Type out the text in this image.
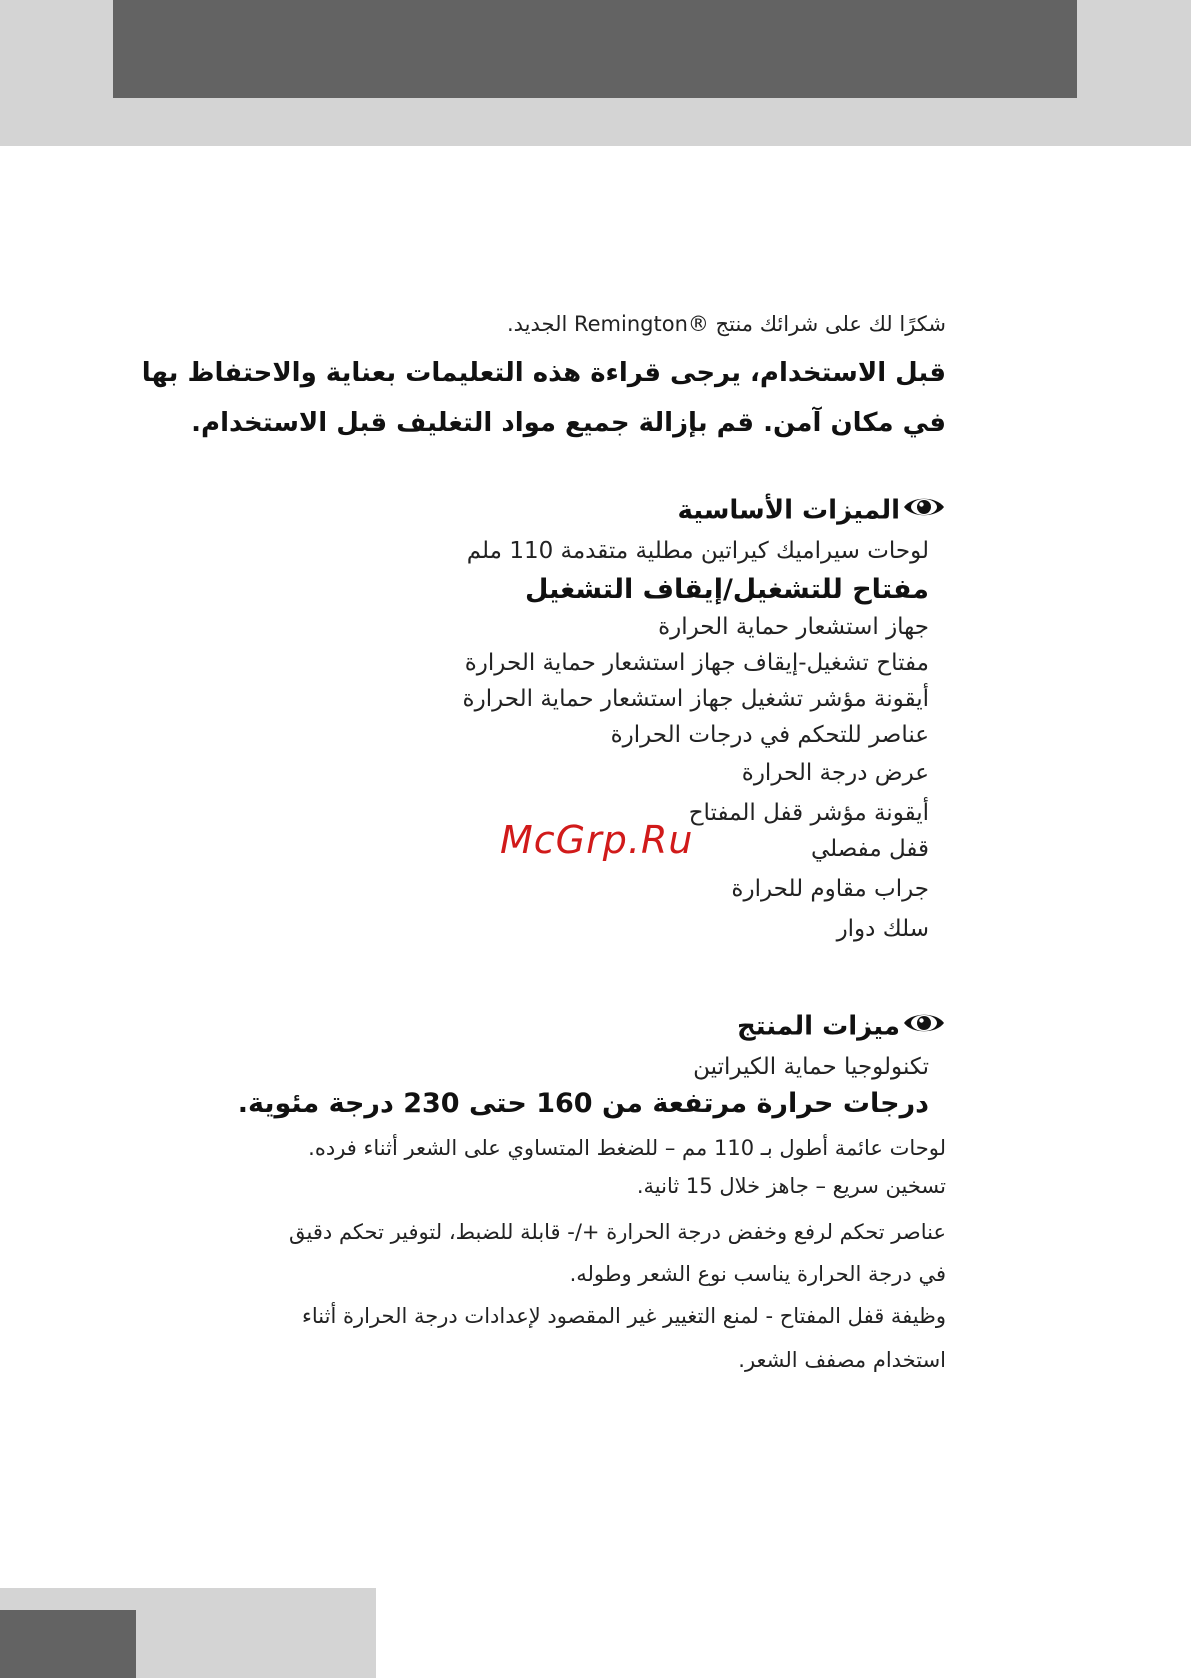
شكرًا لك على شرائك منتج ®Remington الجديد.

قبل الاستخدام، يرجى قراءة هذه التعليمات بعناية والاحتفاظ بها

في مكان آمن. قم بإزالة جميع مواد التغليف قبل الاستخدام.

الميزات الأساسية

لوحات سيراميك كيراتين مطلية متقدمة 110 ملم

مفتاح للتشغيل/إيقاف التشغيل

جهاز استشعار حماية الحرارة

مفتاح تشغيل-إيقاف جهاز استشعار حماية الحرارة

أيقونة مؤشر تشغيل جهاز استشعار حماية الحرارة

عناصر للتحكم في درجات الحرارة

عرض درجة الحرارة

أيقونة مؤشر قفل المفتاح

قفل مفصلي

جراب مقاوم للحرارة

سلك دوار

McGrp.Ru
ميزات المنتج

تكنولوجيا حماية الكيراتين

درجات حرارة مرتفعة من 160 حتى 230 درجة مئوية.

لوحات عائمة أطول بـ 110 مم – للضغط المتساوي على الشعر أثناء فرده.

تسخين سريع – جاهز خلال 15 ثانية.

عناصر تحكم لرفع وخفض درجة الحرارة +/- قابلة للضبط، لتوفير تحكم دقيق

في درجة الحرارة يناسب نوع الشعر وطوله.

وظيفة قفل المفتاح - لمنع التغيير غير المقصود لإعدادات درجة الحرارة أثناء

استخدام مصفف الشعر.
